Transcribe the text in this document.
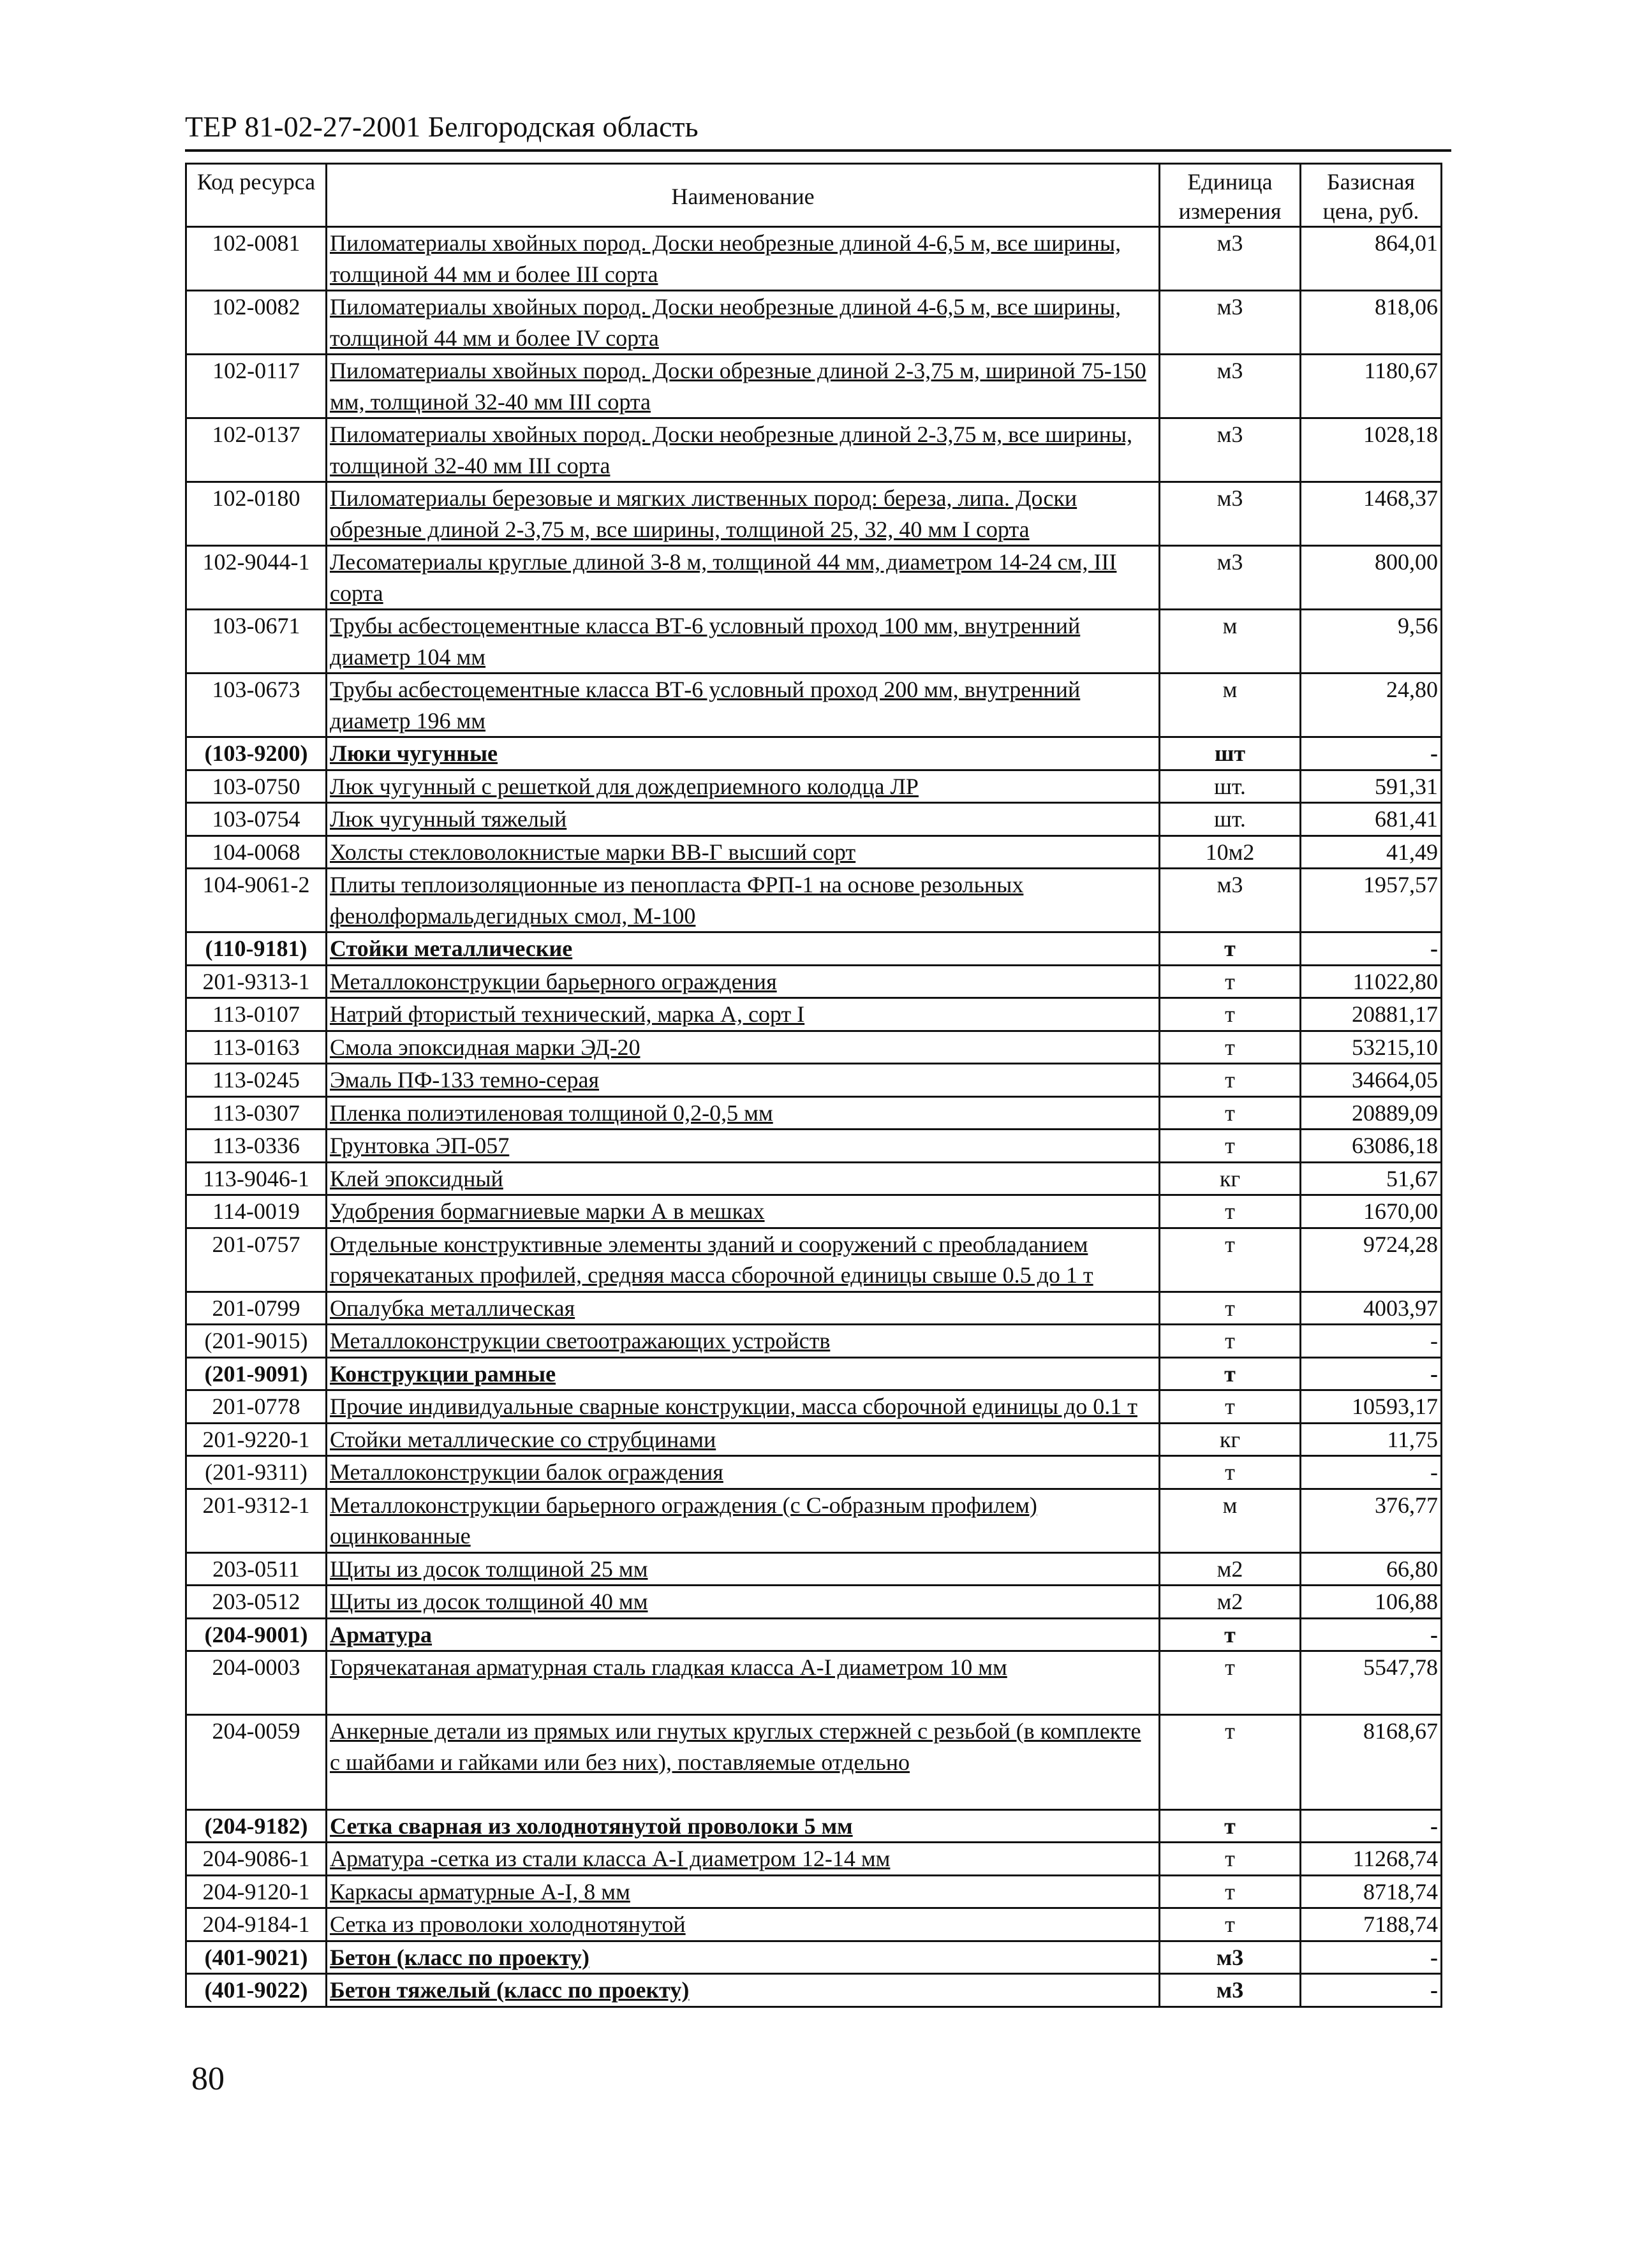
ТЕР 81-02-27-2001 Белгородская область
Код ресурса	Наименование	Единица измерения	Базисная цена, руб.
102-0081	Пиломатериалы хвойных пород. Доски необрезные длиной 4-6,5 м, все ширины, толщиной 44 мм и более III сорта	м3	864,01
102-0082	Пиломатериалы хвойных пород. Доски необрезные длиной 4-6,5 м, все ширины, толщиной 44 мм и более IV сорта	м3	818,06
102-0117	Пиломатериалы хвойных пород. Доски обрезные длиной 2-3,75 м, шириной 75-150 мм, толщиной 32-40 мм III сорта	м3	1180,67
102-0137	Пиломатериалы хвойных пород. Доски необрезные длиной 2-3,75 м, все ширины, толщиной 32-40 мм III сорта	м3	1028,18
102-0180	Пиломатериалы березовые и мягких лиственных пород: береза, липа. Доски обрезные длиной 2-3,75 м, все ширины, толщиной 25, 32, 40 мм I сорта	м3	1468,37
102-9044-1	Лесоматериалы круглые длиной 3-8 м, толщиной 44 мм, диаметром 14-24 см, III сорта	м3	800,00
103-0671	Трубы асбестоцементные класса ВТ-6 условный проход 100 мм, внутренний диаметр 104 мм	м	9,56
103-0673	Трубы асбестоцементные класса ВТ-6 условный проход 200 мм, внутренний диаметр 196 мм	м	24,80
(103-9200)	Люки чугунные	шт	-
103-0750	Люк чугунный с решеткой для дождеприемного колодца ЛР	шт.	591,31
103-0754	Люк чугунный тяжелый	шт.	681,41
104-0068	Холсты стекловолокнистые марки ВВ-Г высший сорт	10м2	41,49
104-9061-2	Плиты теплоизоляционные из пенопласта ФРП-1 на основе резольных фенолформальдегидных смол, М-100	м3	1957,57
(110-9181)	Стойки металлические	т	-
201-9313-1	Металлоконструкции барьерного ограждения	т	11022,80
113-0107	Натрий фтористый технический, марка А, сорт I	т	20881,17
113-0163	Смола эпоксидная марки ЭД-20	т	53215,10
113-0245	Эмаль ПФ-133 темно-серая	т	34664,05
113-0307	Пленка полиэтиленовая толщиной 0,2-0,5 мм	т	20889,09
113-0336	Грунтовка ЭП-057	т	63086,18
113-9046-1	Клей эпоксидный	кг	51,67
114-0019	Удобрения бормагниевые марки А в мешках	т	1670,00
201-0757	Отдельные конструктивные элементы зданий и сооружений с преобладанием горячекатаных профилей, средняя масса сборочной единицы свыше 0.5 до 1 т	т	9724,28
201-0799	Опалубка металлическая	т	4003,97
(201-9015)	Металлоконструкции светоотражающих устройств	т	-
(201-9091)	Конструкции рамные	т	-
201-0778	Прочие индивидуальные сварные конструкции, масса сборочной единицы до 0.1 т	т	10593,17
201-9220-1	Стойки металлические со струбцинами	кг	11,75
(201-9311)	Металлоконструкции балок ограждения	т	-
201-9312-1	Металлоконструкции барьерного ограждения (с С-образным профилем) оцинкованные	м	376,77
203-0511	Щиты из досок толщиной 25 мм	м2	66,80
203-0512	Щиты из досок толщиной 40 мм	м2	106,88
(204-9001)	Арматура	т	-
204-0003	Горячекатаная арматурная сталь гладкая класса А-I диаметром 10 мм	т	5547,78
204-0059	Анкерные детали из прямых или гнутых круглых стержней с резьбой (в комплекте с шайбами и гайками или без них), поставляемые отдельно	т	8168,67
(204-9182)	Сетка сварная из холоднотянутой проволоки 5 мм	т	-
204-9086-1	Арматура -сетка из стали класса А-I диаметром 12-14 мм	т	11268,74
204-9120-1	Каркасы арматурные А-I, 8 мм	т	8718,74
204-9184-1	Сетка из проволоки холоднотянутой	т	7188,74
(401-9021)	Бетон (класс по проекту)	м3	-
(401-9022)	Бетон тяжелый (класс по проекту)	м3	-
80
